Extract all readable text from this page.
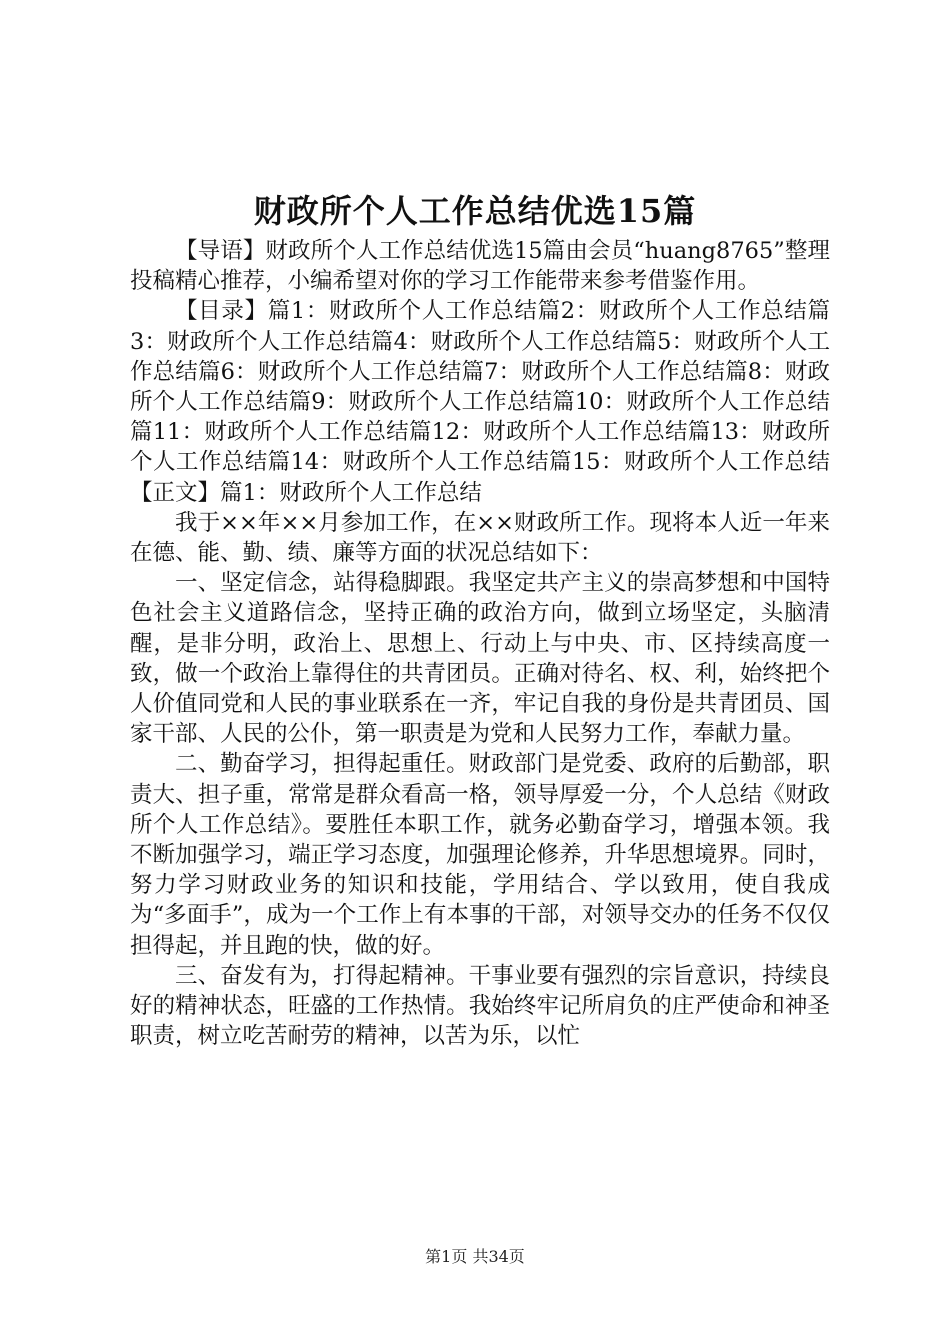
财政所个人工作总结优选15篇

【导语】财政所个人工作总结优选15篇由会员“huang8765”整理投稿精心推荐，小编希望对你的学习工作能带来参考借鉴作用。

【目录】篇1：财政所个人工作总结篇2：财政所个人工作总结篇3：财政所个人工作总结篇4：财政所个人工作总结篇5：财政所个人工作总结篇6：财政所个人工作总结篇7：财政所个人工作总结篇8：财政所个人工作总结篇9：财政所个人工作总结篇10：财政所个人工作总结篇11：财政所个人工作总结篇12：财政所个人工作总结篇13：财政所个人工作总结篇14：财政所个人工作总结篇15：财政所个人工作总结【正文】篇1：财政所个人工作总结

我于××年××月参加工作，在××财政所工作。现将本人近一年来在德、能、勤、绩、廉等方面的状况总结如下：

一、坚定信念，站得稳脚跟。我坚定共产主义的崇高梦想和中国特色社会主义道路信念，坚持正确的政治方向，做到立场坚定，头脑清醒，是非分明，政治上、思想上、行动上与中央、市、区持续高度一致，做一个政治上靠得住的共青团员。正确对待名、权、利，始终把个人价值同党和人民的事业联系在一齐，牢记自我的身份是共青团员、国家干部、人民的公仆，第一职责是为党和人民努力工作，奉献力量。

二、勤奋学习，担得起重任。财政部门是党委、政府的后勤部，职责大、担子重，常常是群众看高一格，领导厚爱一分，个人总结《财政所个人工作总结》。要胜任本职工作，就务必勤奋学习，增强本领。我不断加强学习，端正学习态度，加强理论修养，升华思想境界。同时，努力学习财政业务的知识和技能，学用结合、学以致用，使自我成为“多面手”，成为一个工作上有本事的干部，对领导交办的任务不仅仅担得起，并且跑的快，做的好。

三、奋发有为，打得起精神。干事业要有强烈的宗旨意识，持续良好的精神状态，旺盛的工作热情。我始终牢记所肩负的庄严使命和神圣职责，树立吃苦耐劳的精神，以苦为乐，以忙

第1页 共34页
